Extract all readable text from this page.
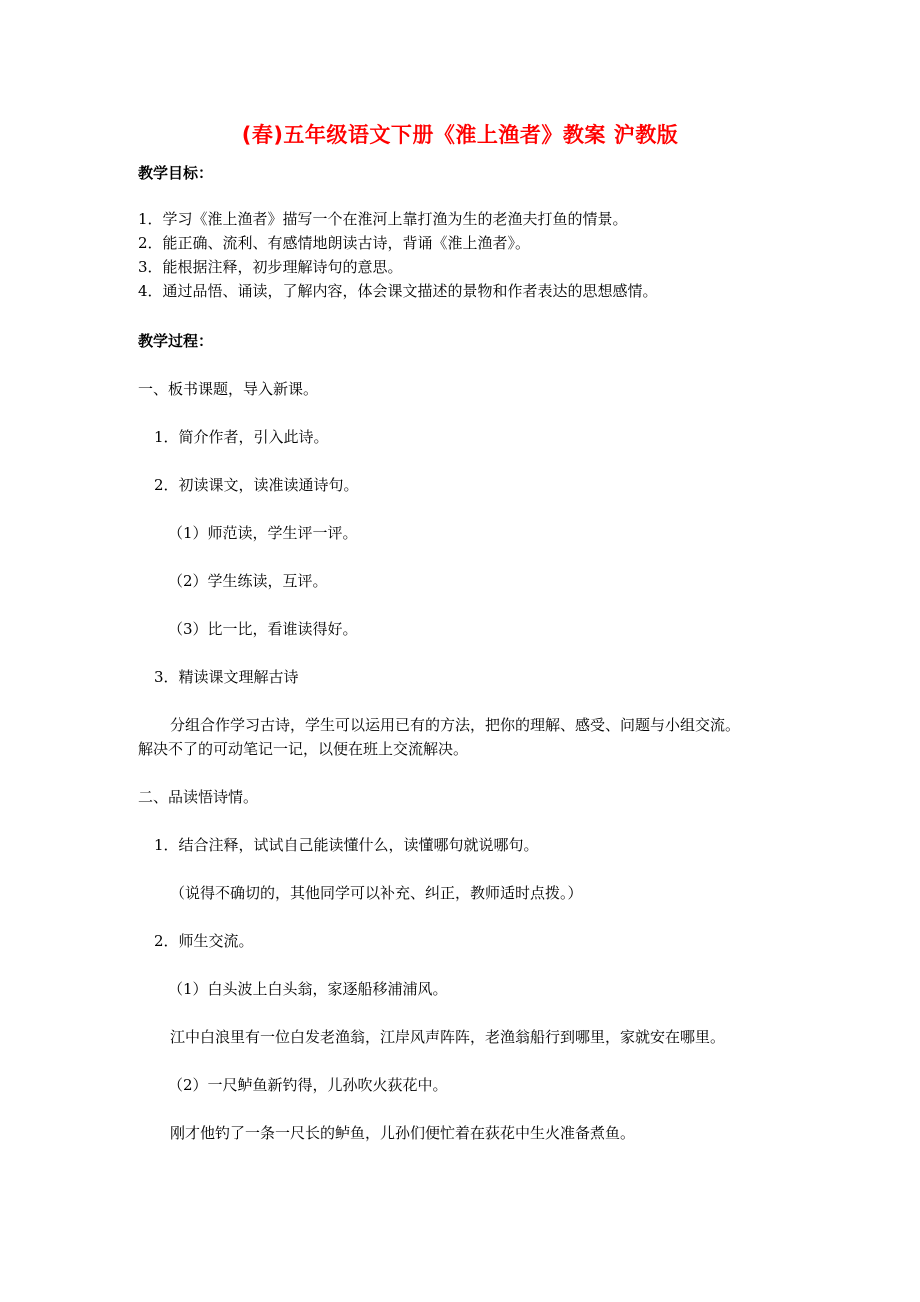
(春)五年级语文下册《淮上渔者》教案 沪教版
教学目标：
1．学习《淮上渔者》描写一个在淮河上靠打渔为生的老渔夫打鱼的情景。
2．能正确、流利、有感情地朗读古诗，背诵《淮上渔者》。
3．能根据注释，初步理解诗句的意思。
4．通过品悟、诵读，了解内容，体会课文描述的景物和作者表达的思想感情。
教学过程：
一、板书课题，导入新课。
1．简介作者，引入此诗。
2．初读课文，读准读通诗句。
（1）师范读，学生评一评。
（2）学生练读，互评。
（3）比一比，看谁读得好。
3．精读课文理解古诗
分组合作学习古诗，学生可以运用已有的方法，把你的理解、感受、问题与小组交流。
解决不了的可动笔记一记，以便在班上交流解决。
二、品读悟诗情。
1．结合注释，试试自己能读懂什么，读懂哪句就说哪句。
（说得不确切的，其他同学可以补充、纠正，教师适时点拨。）
2．师生交流。
（1）白头波上白头翁，家逐船移浦浦风。
江中白浪里有一位白发老渔翁，江岸风声阵阵，老渔翁船行到哪里，家就安在哪里。
（2）一尺鲈鱼新钓得，儿孙吹火荻花中。
刚才他钓了一条一尺长的鲈鱼，儿孙们便忙着在荻花中生火准备煮鱼。
